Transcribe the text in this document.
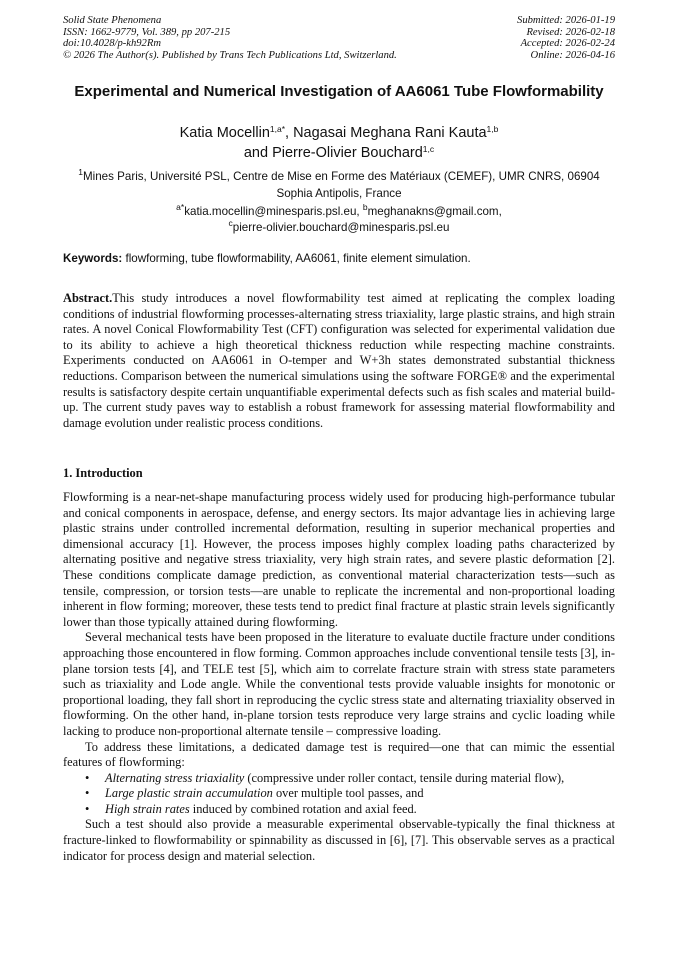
Solid State Phenomena
ISSN: 1662-9779, Vol. 389, pp 207-215
doi:10.4028/p-kh92Rm
© 2026 The Author(s). Published by Trans Tech Publications Ltd, Switzerland.
Submitted: 2026-01-19
Revised: 2026-02-18
Accepted: 2026-02-24
Online: 2026-04-16
Experimental and Numerical Investigation of AA6061 Tube Flowformability
Katia Mocellin$^{1,a*}$, Nagasai Meghana Rani Kauta$^{1,b}$
and Pierre-Olivier Bouchard$^{1,c}$
$^1$Mines Paris, Université PSL, Centre de Mise en Forme des Matériaux (CEMEF), UMR CNRS, 06904 Sophia Antipolis, France
$^{a*}$katia.mocellin@minesparis.psl.eu, $^b$meghanakns@gmail.com,
$^c$pierre-olivier.bouchard@minesparis.psl.eu
Keywords: flowforming, tube flowformability, AA6061, finite element simulation.
Abstract.This study introduces a novel flowformability test aimed at replicating the complex loading conditions of industrial flowforming processes-alternating stress triaxiality, large plastic strains, and high strain rates. A novel Conical Flowformability Test (CFT) configuration was selected for experimental validation due to its ability to achieve a high theoretical thickness reduction while respecting machine constraints. Experiments conducted on AA6061 in O-temper and W+3h states demonstrated substantial thickness reductions. Comparison between the numerical simulations using the software FORGE® and the experimental results is satisfactory despite certain unquantifiable experimental defects such as fish scales and material build-up. The current study paves way to establish a robust framework for assessing material flowformability and damage evolution under realistic process conditions.
1. Introduction

Flowforming is a near-net-shape manufacturing process widely used for producing high-performance tubular and conical components in aerospace, defense, and energy sectors. Its major advantage lies in achieving large plastic strains under controlled incremental deformation, resulting in superior mechanical properties and dimensional accuracy [1]. However, the process imposes highly complex loading paths characterized by alternating positive and negative stress triaxiality, very high strain rates, and severe plastic deformation [2]. These conditions complicate damage prediction, as conventional material characterization tests—such as tensile, compression, or torsion tests—are unable to replicate the incremental and non-proportional loading inherent in flow forming; moreover, these tests tend to predict final fracture at plastic strain levels significantly lower than those typically attained during flowforming.

Several mechanical tests have been proposed in the literature to evaluate ductile fracture under conditions approaching those encountered in flow forming. Common approaches include conventional tensile tests [3], in-plane torsion tests [4], and TELE test [5], which aim to correlate fracture strain with stress state parameters such as triaxiality and Lode angle. While the conventional tests provide valuable insights for monotonic or proportional loading, they fall short in reproducing the cyclic stress state and alternating triaxiality observed in flowforming. On the other hand, in-plane torsion tests reproduce very large strains and cyclic loading while lacking to produce non-proportional alternate tensile – compressive loading.

To address these limitations, a dedicated damage test is required—one that can mimic the essential features of flowforming:

• Alternating stress triaxiality (compressive under roller contact, tensile during material flow),
• Large plastic strain accumulation over multiple tool passes, and
• High strain rates induced by combined rotation and axial feed.

Such a test should also provide a measurable experimental observable-typically the final thickness at fracture-linked to flowformability or spinnability as discussed in [6], [7]. This observable serves as a practical indicator for process design and material selection.
